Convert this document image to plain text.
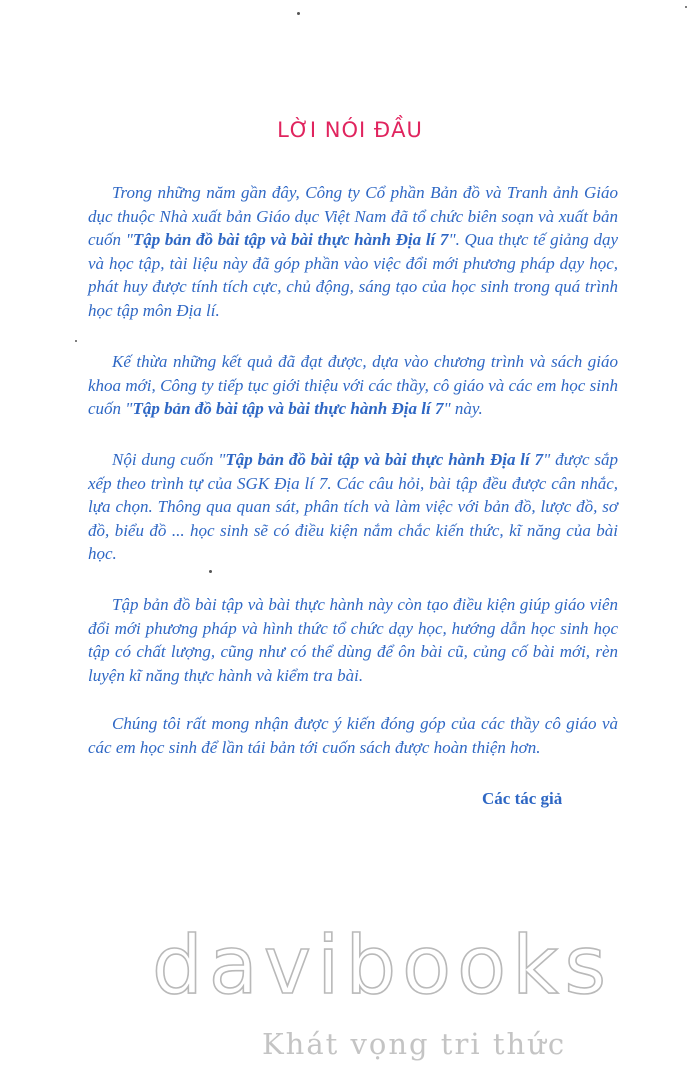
LỜI NÓI ĐẦU

Trong những năm gần đây, Công ty Cổ phần Bản đồ và Tranh ảnh Giáo dục thuộc Nhà xuất bản Giáo dục Việt Nam đã tổ chức biên soạn và xuất bản cuốn "Tập bản đồ bài tập và bài thực hành Địa lí 7". Qua thực tế giảng dạy và học tập, tài liệu này đã góp phần vào việc đổi mới phương pháp dạy học, phát huy được tính tích cực, chủ động, sáng tạo của học sinh trong quá trình học tập môn Địa lí.

Kế thừa những kết quả đã đạt được, dựa vào chương trình và sách giáo khoa mới, Công ty tiếp tục giới thiệu với các thầy, cô giáo và các em học sinh cuốn "Tập bản đồ bài tập và bài thực hành Địa lí 7" này.

Nội dung cuốn "Tập bản đồ bài tập và bài thực hành Địa lí 7" được sắp xếp theo trình tự của SGK Địa lí 7. Các câu hỏi, bài tập đều được cân nhắc, lựa chọn. Thông qua quan sát, phân tích và làm việc với bản đồ, lược đồ, sơ đồ, biểu đồ ... học sinh sẽ có điều kiện nắm chắc kiến thức, kĩ năng của bài học.

Tập bản đồ bài tập và bài thực hành này còn tạo điều kiện giúp giáo viên đổi mới phương pháp và hình thức tổ chức dạy học, hướng dẫn học sinh học tập có chất lượng, cũng như có thể dùng để ôn bài cũ, củng cố bài mới, rèn luyện kĩ năng thực hành và kiểm tra bài.

Chúng tôi rất mong nhận được ý kiến đóng góp của các thầy cô giáo và các em học sinh để lần tái bản tới cuốn sách được hoàn thiện hơn.

Các tác giả

davibooks
Khát vọng tri thức
